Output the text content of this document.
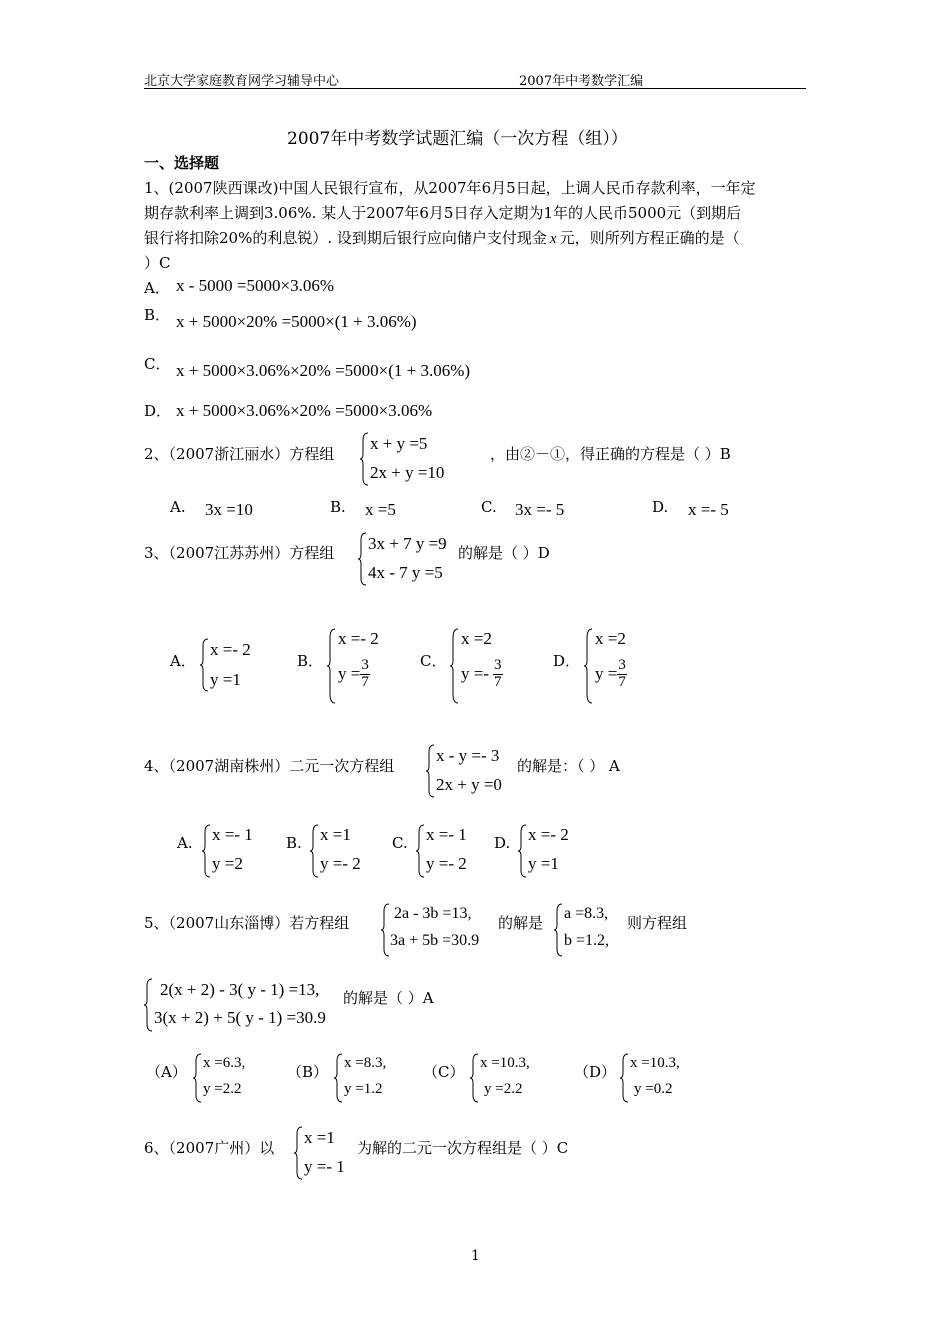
北京大学家庭教育网学习辅导中心	2007年中考数学汇编
2007年中考数学试题汇编（一次方程（组））
一、选择题
1、(2007陕西课改)中国人民银行宣布，从2007年6月5日起，上调人民币存款利率，一年定
期存款利率上调到3.06%. 某人于2007年6月5日存入定期为1年的人民币5000元（到期后
银行将扣除20%的利息锐）. 设到期后银行应向储户支付现金 x 元，则所列方程正确的是（
）C
A． x - 5000 =5000×3.06%
B． x + 5000×20% =5000×(1 + 3.06%)
C． x + 5000×3.06%×20% =5000×(1 + 3.06%)
D． x + 5000×3.06%×20% =5000×3.06%
2、（2007浙江丽水）方程组
x + y =5
2x + y =10
，由②－①，得正确的方程是（ ）B
A. 3x =10	B. x =5	C. 3x =- 5	D. x =- 5
3、（2007江苏苏州）方程组 3x + 7 y =9
4x - 7 y =5
的解是（ ）D
A．
x =- 2
y =1
B．
x =- 2
$y = \frac{3}{7}$	C．
x =2
$y =- \frac{3}{7}$	D．
x =2
$y = \frac{3}{7}$
4、（2007湖南株州）二元一次方程组
x - y =- 3
2x + y =0
的解是：（ ） A
A. x =- 1
y =2
B. x =1
y =- 2
C. x =- 1
y =- 2
D. x =- 2
y =1
5、（2007山东淄博）若方程组
2a - 3b =13,
3a + 5b =30.9
的解是
a =8.3,
b =1.2,
则方程组
2(x + 2) - 3( y - 1) =13,
3(x + 2) + 5( y - 1) =30.9
的解是（ ）A
（A） x =6.3,
y =2.2
（B） x =8.3,
y =1.2
（C） x =10.3,
y =2.2
（D） x =10.3,
y =0.2
6、（2007广州）以
x =1
y =- 1
为解的二元一次方程组是（ ）C
1
